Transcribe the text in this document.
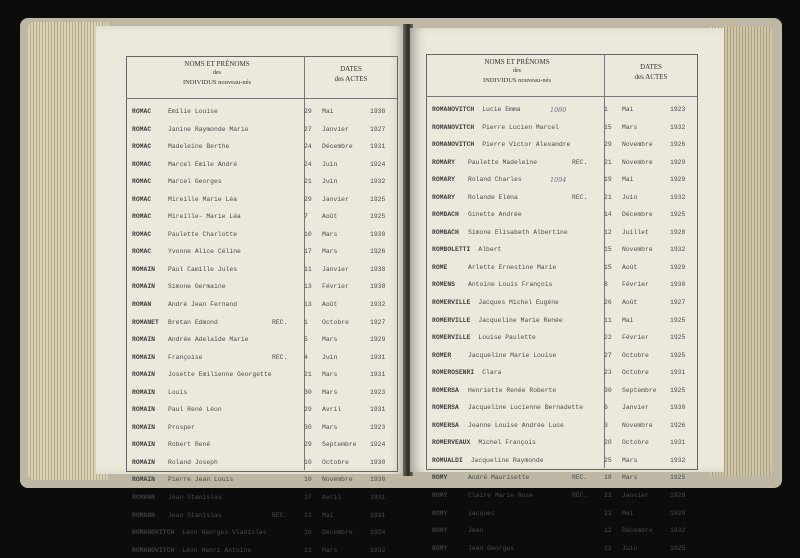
NOMS ET PRÉNOMS
des
INDIVIDUS nouveau-nés
DATES
des ACTES
ROMAC	Emilie Louise	29 Mai	1938
ROMAC	Janine Raymonde Marie	27 Janvier	1927
ROMAC	Madeleine Berthe	24 Décembre	1931
ROMAC	Marcel Emile André	24 Juin	1924
ROMAC	Marcel Georges	21 Juin	1932
ROMAC	Mireille Marie Léa	29 Janvier	1925
ROMAC	Mireille- Marie Léa	7 Août	1925
ROMAC	Paulette Charlotte	10 Mars	1930
ROMAC	Yvonne Alice Céline	17 Mars	1926
ROMAIN Paul Camille Jules	11 Janvier	1938
ROMAIN Simone Germaine	13 Février	1938
ROMAN	André Jean Fernand	13 Août	1932
ROMANET Bretan Edmond	REC.	1 Octobre	1927
ROMAIN Andrée Adelaïde Marie	5 Mars	1929
ROMAIN Françoise	REC.	4 Juin	1931
ROMAIN Josette Emilienne Georgette	21 Mars	1931
ROMAIN Louis	30 Mars	1923
ROMAIN Paul René Léon	29 Avril	1931
ROMAIN Prosper	30 Mars	1923
ROMAIN Robert René	29 Septembre 1924
ROMAIN Roland Joseph	10 Octobre	1930
ROMAIN Pierre Jean Louis	10 Novembre	1930
ROMANN Jean Stanislas	17 Avril	1931
ROMANN Jean Stanislas	REC.	13 Mai	1931
ROMANOVITCH Léon Georges Vladislas	16 Décembre	1924
ROMANOVITCH Léon Henri Antoine	13 Mars	1932
NOMS ET PRÉNOMS
des
INDIVIDUS nouveau-nés
DATES
des ACTES
ROMANOVITCH Lucie Emma	1080	1 Mai	1923
ROMANOVITCH Pierre Lucien Marcel	15 Mars	1932
ROMANOVITCH Pierre Victor Alexandre	29 Novembre	1926
ROMARY Paulette Madeleine	REC.	21 Novembre	1929
ROMARY Roland Charles	1094	19 Mai	1929
ROMARY Rolande Eléna	REC.	21 Juin	1932
ROMBACH Ginette Andrée	14 Décembre	1925
ROMBACH Simone Elisabeth Albertine	12 Juillet	1928
ROMBOLETTI Albert	15 Novembre	1932
ROME	Arlette Ernestine Marie	15 Août	1929
ROMENS Antoine Louis François	8 Février	1930
ROMERVILLE Jacques Michel Eugène	26 Août	1927
ROMERVILLE Jacqueline Marie Renée	11 Mai	1925
ROMERVILLE Louise Paulette	22 Février	1925
ROMER	Jacqueline Marie Louise	27 Octobre	1925
ROMEROSENRI Clara	23 Octobre	1931
ROMERSA Henriette Renée Roberte	30 Septembre 1925
ROMERSA Jacqueline Lucienne Bernadette	6 Janvier	1930
ROMERSA Jeanne Louise Andrée Luce	3 Novembre	1926
ROMERVEAUX Michel François	20 Octobre	1931
ROMUALDI Jacqueline Raymonde	25 Mars	1932
ROMY	André Maurisette	REC.	18 Mars	1925
ROMY	Claire Marie Rose	REC.	21 Janvier	1928
ROMY	Jacques	22 Mai	1929
ROMY	Jean	12 Décembre	1932
ROMY	Jean Georges	22 Juin	1925
